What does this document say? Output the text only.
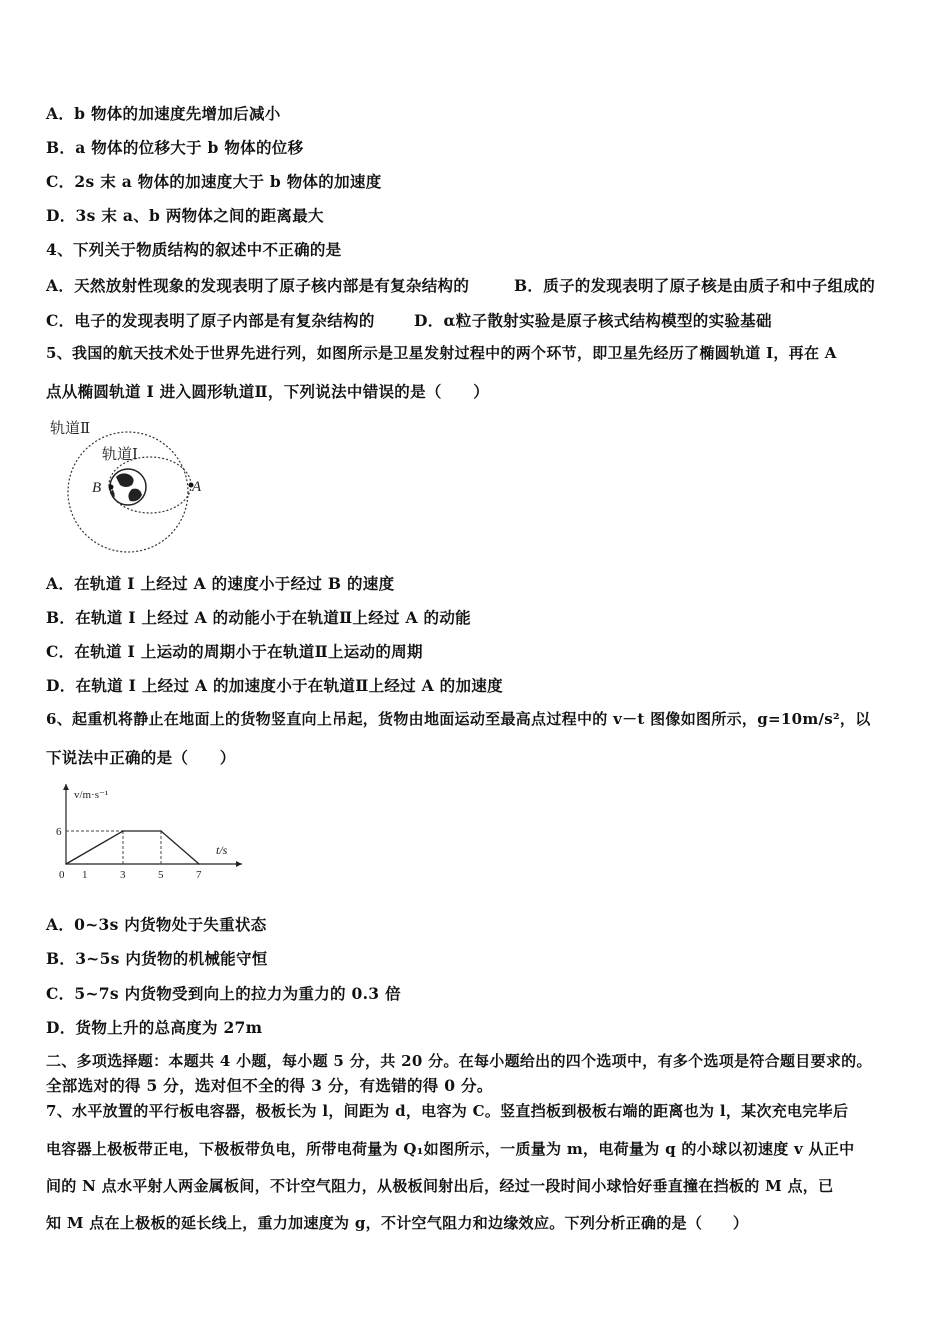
A．b 物体的加速度先增加后减小
B．a 物体的位移大于 b 物体的位移
C．2s 末 a 物体的加速度大于 b 物体的加速度
D．3s 末 a、b 两物体之间的距离最大
4、下列关于物质结构的叙述中不正确的是
A．天然放射性现象的发现表明了原子核内部是有复杂结构的	B．质子的发现表明了原子核是由质子和中子组成的
C．电子的发现表明了原子内部是有复杂结构的	D．α粒子散射实验是原子核式结构模型的实验基础
5、我国的航天技术处于世界先进行列，如图所示是卫星发射过程中的两个环节，即卫星先经历了椭圆轨道 I，再在 A
点从椭圆轨道 I 进入圆形轨道Ⅱ，下列说法中错误的是（　　）
轨道Ⅱ
轨道Ⅰ
B	A
A．在轨道 I 上经过 A 的速度小于经过 B 的速度
B．在轨道 I 上经过 A 的动能小于在轨道Ⅱ上经过 A 的动能
C．在轨道 I 上运动的周期小于在轨道Ⅱ上运动的周期
D．在轨道 I 上经过 A 的加速度小于在轨道Ⅱ上经过 A 的加速度
6、起重机将静止在地面上的货物竖直向上吊起，货物由地面运动至最高点过程中的 v－t 图像如图所示，g=10m/s²，以
下说法中正确的是（　　）
0 1	3	5	7
6
v/m·s⁻¹
t/s
A．0~3s 内货物处于失重状态
B．3~5s 内货物的机械能守恒
C．5~7s 内货物受到向上的拉力为重力的 0.3 倍
D．货物上升的总高度为 27m
二、多项选择题：本题共 4 小题，每小题 5 分，共 20 分。在每小题给出的四个选项中，有多个选项是符合题目要求的。
全部选对的得 5 分，选对但不全的得 3 分，有选错的得 0 分。
7、水平放置的平行板电容器，极板长为 l，间距为 d，电容为 C。竖直挡板到极板右端的距离也为 l，某次充电完毕后
电容器上极板带正电，下极板带负电，所带电荷量为 Q₁如图所示，一质量为 m，电荷量为 q 的小球以初速度 v 从正中
间的 N 点水平射人两金属板间，不计空气阻力，从极板间射出后，经过一段时间小球恰好垂直撞在挡板的 M 点，已
知 M 点在上极板的延长线上，重力加速度为 g，不计空气阻力和边缘效应。下列分析正确的是（　　）
